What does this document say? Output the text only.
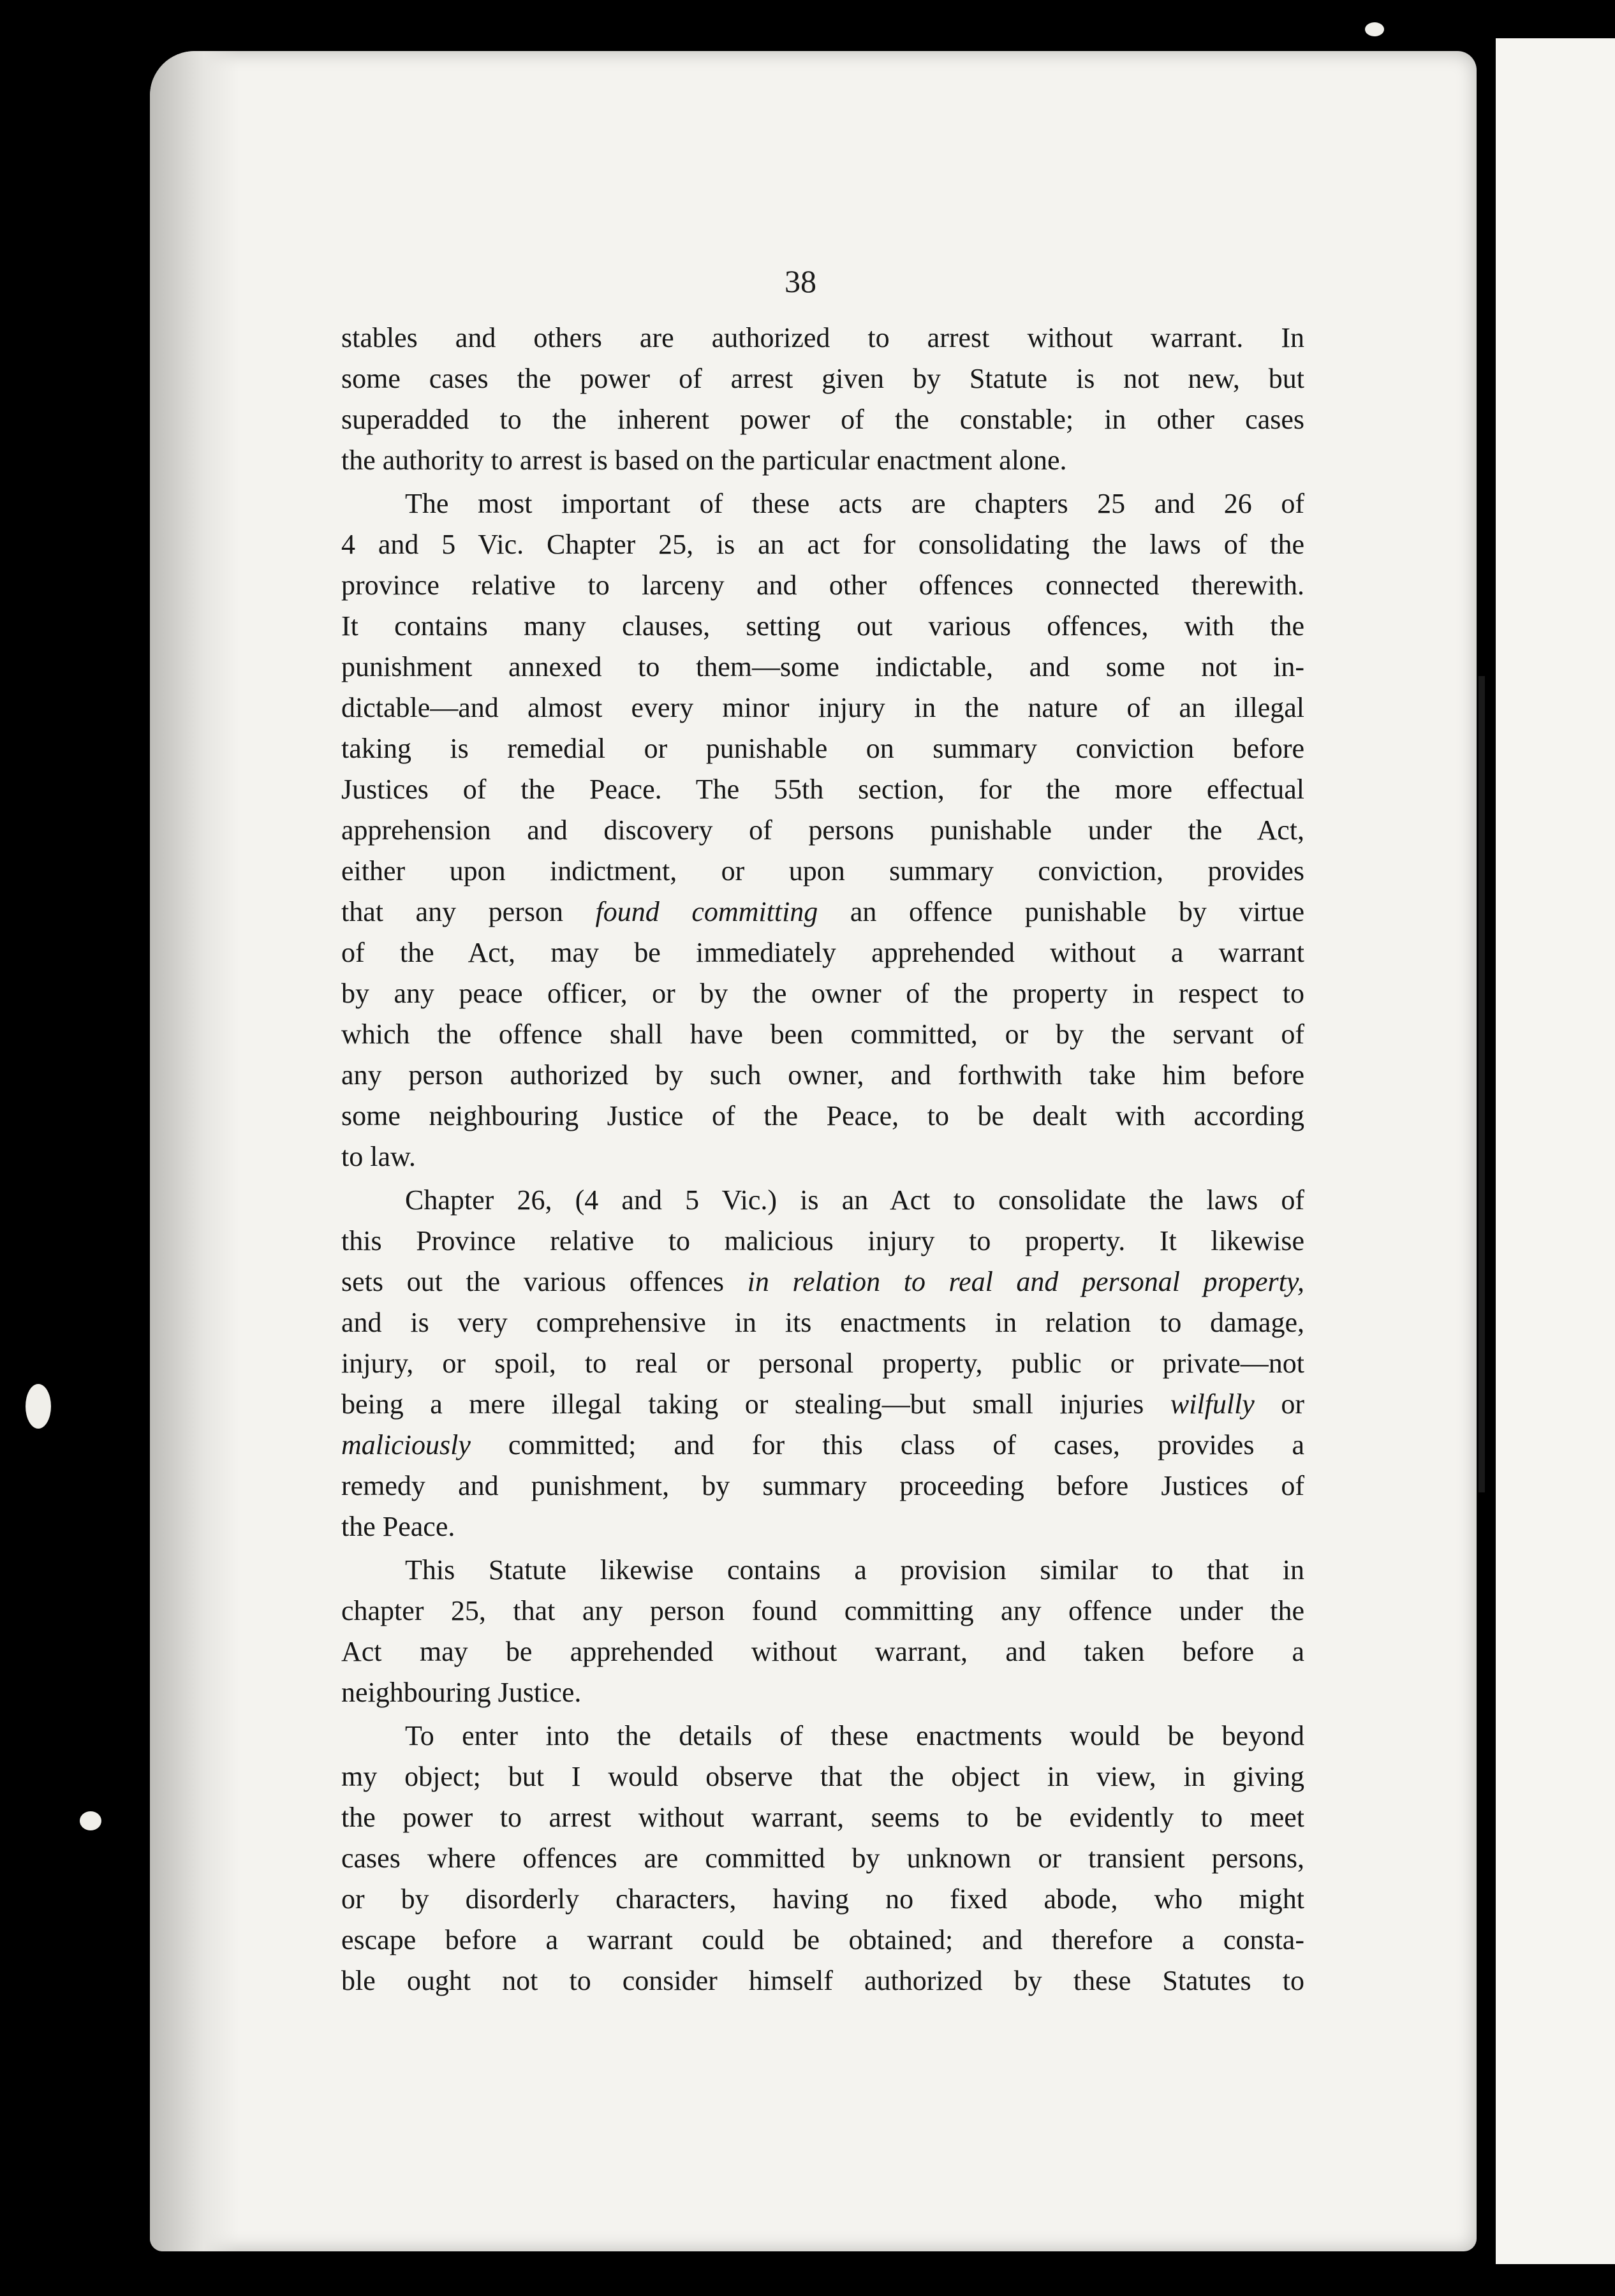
38
stables and others are authorized to arrest without warrant. In
some cases the power of arrest given by Statute is not new, but
superadded to the inherent power of the constable; in other cases
the authority to arrest is based on the particular enactment alone.
The most important of these acts are chapters 25 and 26 of
4 and 5 Vic. Chapter 25, is an act for consolidating the laws of the
province relative to larceny and other offences connected therewith.
It contains many clauses, setting out various offences, with the
punishment annexed to them—some indictable, and some not in-
dictable—and almost every minor injury in the nature of an illegal
taking is remedial or punishable on summary conviction before
Justices of the Peace. The 55th section, for the more effectual
apprehension and discovery of persons punishable under the Act,
either upon indictment, or upon summary conviction, provides
that any person found committing an offence punishable by virtue
of the Act, may be immediately apprehended without a warrant
by any peace officer, or by the owner of the property in respect to
which the offence shall have been committed, or by the servant of
any person authorized by such owner, and forthwith take him before
some neighbouring Justice of the Peace, to be dealt with according
to law.
Chapter 26, (4 and 5 Vic.) is an Act to consolidate the laws of
this Province relative to malicious injury to property. It likewise
sets out the various offences in relation to real and personal property,
and is very comprehensive in its enactments in relation to damage,
injury, or spoil, to real or personal property, public or private—not
being a mere illegal taking or stealing—but small injuries wilfully or
maliciously committed; and for this class of cases, provides a
remedy and punishment, by summary proceeding before Justices of
the Peace.
This Statute likewise contains a provision similar to that in
chapter 25, that any person found committing any offence under the
Act may be apprehended without warrant, and taken before a
neighbouring Justice.
To enter into the details of these enactments would be beyond
my object; but I would observe that the object in view, in giving
the power to arrest without warrant, seems to be evidently to meet
cases where offences are committed by unknown or transient persons,
or by disorderly characters, having no fixed abode, who might
escape before a warrant could be obtained; and therefore a consta-
ble ought not to consider himself authorized by these Statutes to
